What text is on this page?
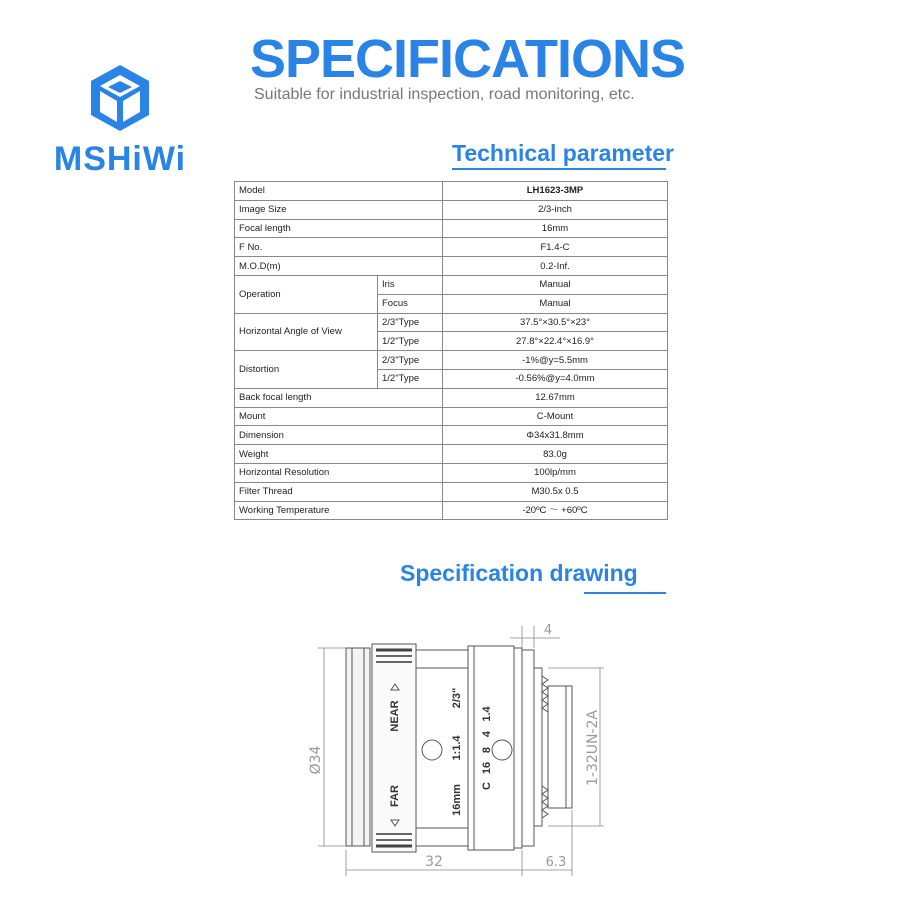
MSHiWi
SPECIFICATIONS
Suitable for industrial inspection, road monitoring, etc.
Technical parameter
Model		LH1623-3MP
Image Size		2/3-inch
Focal length		16mm
F No.		F1.4-C
M.O.D(m)		0.2-Inf.
Operation	Iris	Manual
	Focus	Manual
Horizontal Angle of View	2/3"Type	37.5°×30.5°×23°
	1/2"Type	27.8°×22.4°×16.9°
Distortion	2/3"Type	-1%@y=5.5mm
	1/2"Type	-0.56%@y=4.0mm
Back focal length		12.67mm
Mount		C-Mount
Dimension		Φ34x31.8mm
Weight		83.0g
Horizontal Resolution		100lp/mm
Filter Thread		M30.5x 0.5
Working Temperature		-20ºC ～ +60ºC
Specification drawing
Ø34
32	6.3
4
1-32UN-2A
NEAR
FAR
2/3"
1:1.4
16mm
1.4
4
8
16
C
